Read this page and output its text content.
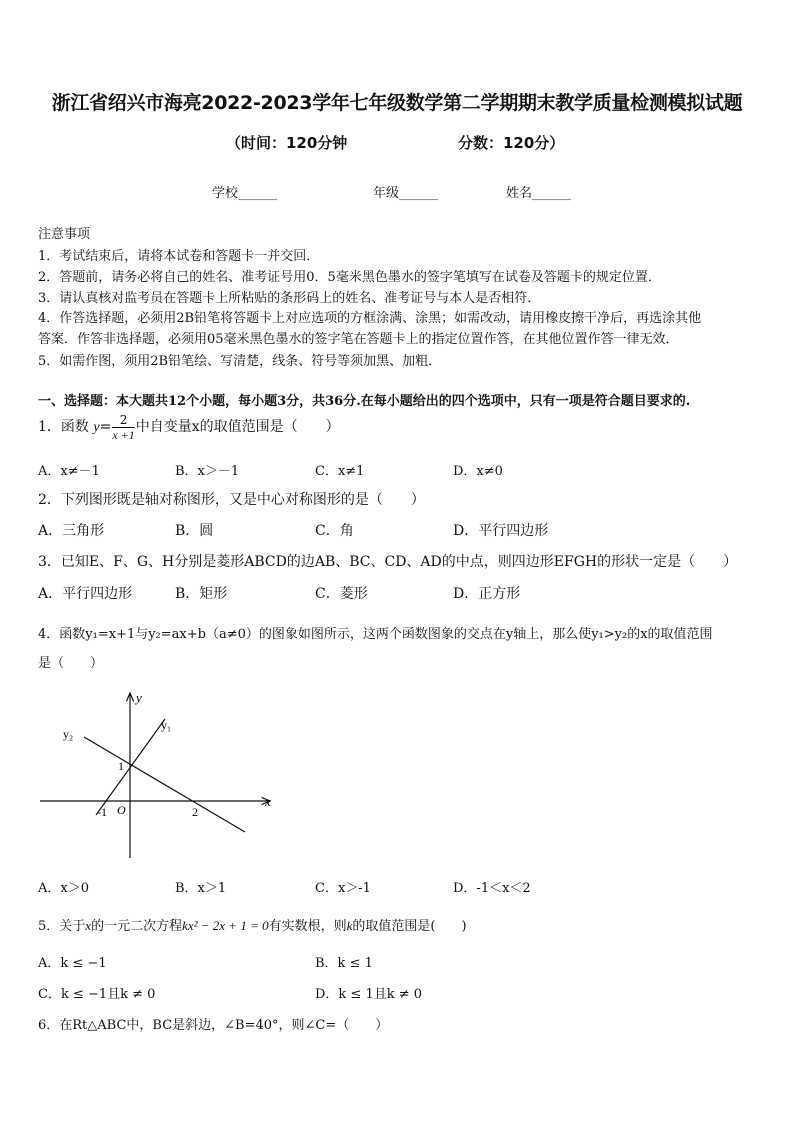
浙江省绍兴市海亮2022-2023学年七年级数学第二学期期末教学质量检测模拟试题
（时间：120分钟	分数：120分）
学校______	年级______	姓名______
注意事项
1．考试结束后，请将本试卷和答题卡一并交回．
2．答题前，请务必将自己的姓名、准考证号用0．5毫米黑色墨水的签字笔填写在试卷及答题卡的规定位置．
3．请认真核对监考员在答题卡上所粘贴的条形码上的姓名、准考证号与本人是否相符．
4．作答选择题，必须用2B铅笔将答题卡上对应选项的方框涂满、涂黑；如需改动，请用橡皮擦干净后，再选涂其他
答案．作答非选择题，必须用05毫米黑色墨水的签字笔在答题卡上的指定位置作答，在其他位置作答一律无效．
5．如需作图，须用2B铅笔绘、写清楚，线条、符号等须加黑、加粗．
一、选择题：本大题共12个小题，每小题3分，共36分.在每小题给出的四个选项中，只有一项是符合题目要求的.
1．函数 $y= \frac{2}{x +1}$ 中自变量x的取值范围是（　　）
A．x≠－1	B．x＞－1	C．x≠1	D．x≠0
2．下列图形既是轴对称图形，又是中心对称图形的是（　　）
A．三角形	B．圆	C．角	D．平行四边形
3．已知E、F、G、H分别是菱形ABCD的边AB、BC、CD、AD的中点，则四边形EFGH的形状一定是（　　）
A．平行四边形	B．矩形	C．菱形	D．正方形
4．函数y₁=x+1与y₂=ax+b（a≠0）的图象如图所示，这两个函数图象的交点在y轴上，那么使y₁>y₂的x的取值范围
是（　　）
x
y
O
-1	2
1
y₁
y₂
A．x＞0	B．x＞1	C．x＞-1	D．-1＜x＜2
5．关于x的一元二次方程kx² − 2x + 1 = 0有实数根，则k的取值范围是(　　)
A．k ≤ −1	B．k ≤ 1
C．k ≤ −1且k ≠ 0	D．k ≤ 1且k ≠ 0
6．在Rt△ABC中，BC是斜边，∠B=40°，则∠C=（　　）
